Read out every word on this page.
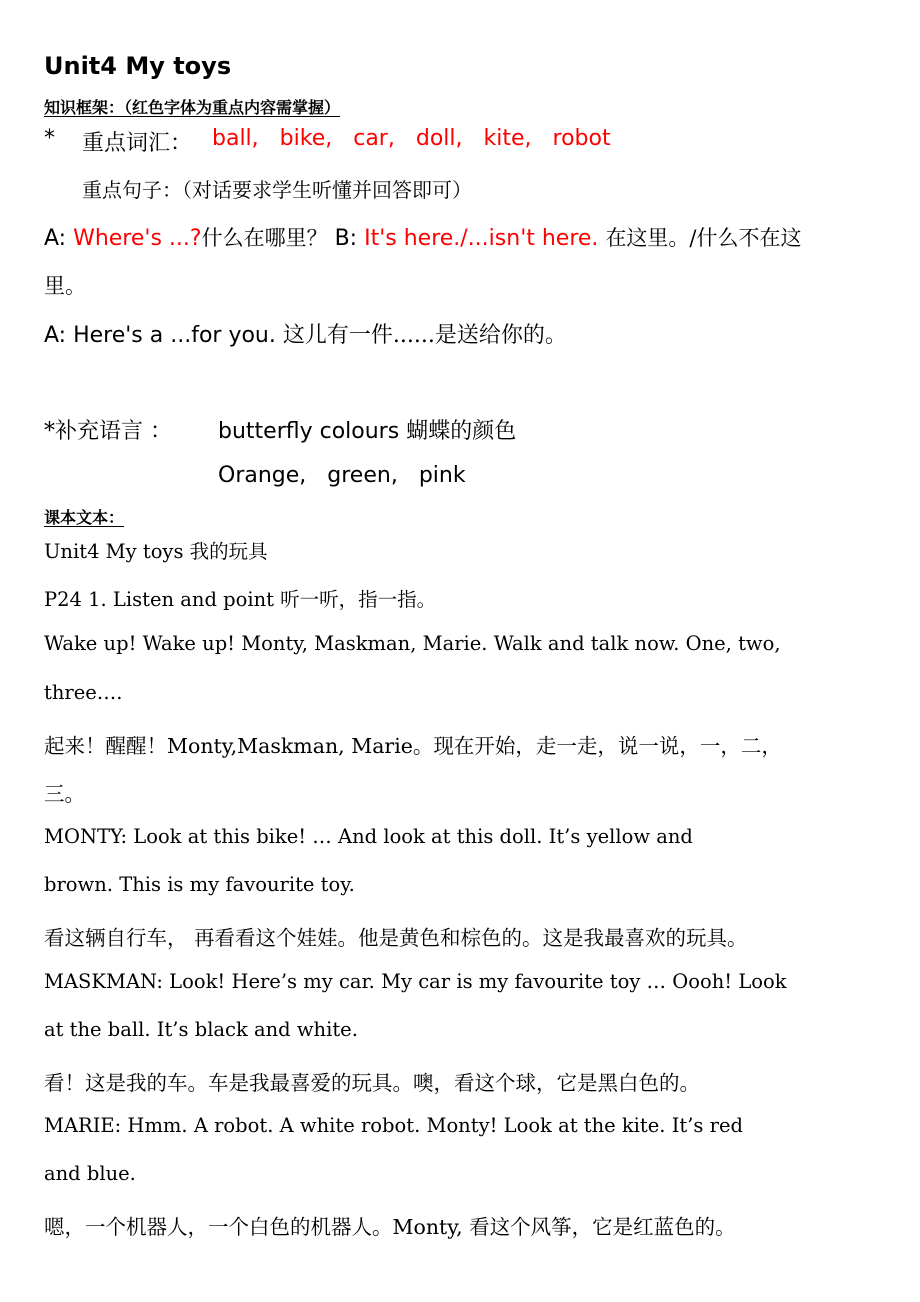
Unit4 My toys
知识框架：（红色字体为重点内容需掌握）
* 重点词汇： ball, bike, car, doll, kite, robot
重点句子：（对话要求学生听懂并回答即可）
A: Where's ...?什么在哪里？ B: It's here./...isn't here. 在这里。/什么不在这
里。
A: Here's a ...for you. 这儿有一件......是送给你的。
*补充语言 ： butterfly colours 蝴蝶的颜色
Orange, green, pink
课本文本：
Unit4 My toys 我的玩具
P24 1. Listen and point 听一听，指一指。
Wake up! Wake up! Monty, Maskman, Marie. Walk and talk now. One, two,
three….
起来！醒醒！Monty,Maskman, Marie。现在开始，走一走，说一说，一，二，
三。
MONTY: Look at this bike! … And look at this doll. It’s yellow and
brown. This is my favourite toy.
看这辆自行车， 再看看这个娃娃。他是黄色和棕色的。这是我最喜欢的玩具。
MASKMAN: Look! Here’s my car. My car is my favourite toy … Oooh! Look
at the ball. It’s black and white.
看！这是我的车。车是我最喜爱的玩具。噢，看这个球，它是黑白色的。
MARIE: Hmm. A robot. A white robot. Monty! Look at the kite. It’s red
and blue.
嗯，一个机器人，一个白色的机器人。Monty, 看这个风筝，它是红蓝色的。
